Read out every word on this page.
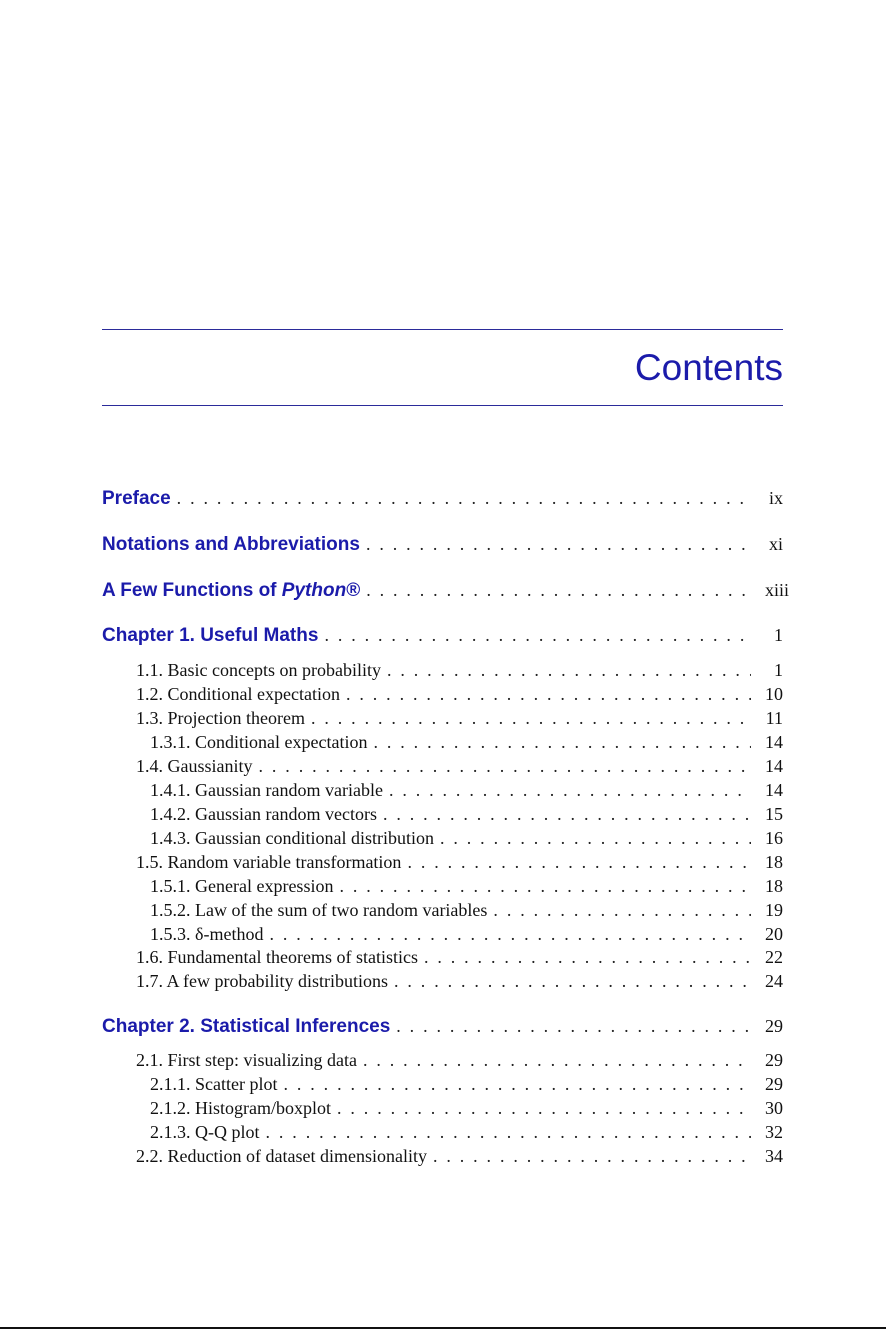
Contents
Preface . . .	ix
Notations and Abbreviations . . .	xi
A Few Functions of Python® . . .	xiii
Chapter 1. Useful Maths . . .	1
1.1. Basic concepts on probability . . .	1
1.2. Conditional expectation . . .	10
1.3. Projection theorem . . .	11
1.3.1. Conditional expectation . . .	14
1.4. Gaussianity . . .	14
1.4.1. Gaussian random variable . . .	14
1.4.2. Gaussian random vectors . . .	15
1.4.3. Gaussian conditional distribution . . .	16
1.5. Random variable transformation . . .	18
1.5.1. General expression . . .	18
1.5.2. Law of the sum of two random variables . . .	19
1.5.3. δ-method . . .	20
1.6. Fundamental theorems of statistics . . .	22
1.7. A few probability distributions . . .	24
Chapter 2. Statistical Inferences . . .	29
2.1. First step: visualizing data . . .	29
2.1.1. Scatter plot . . .	29
2.1.2. Histogram/boxplot . . .	30
2.1.3. Q-Q plot . . .	32
2.2. Reduction of dataset dimensionality . . .	34
